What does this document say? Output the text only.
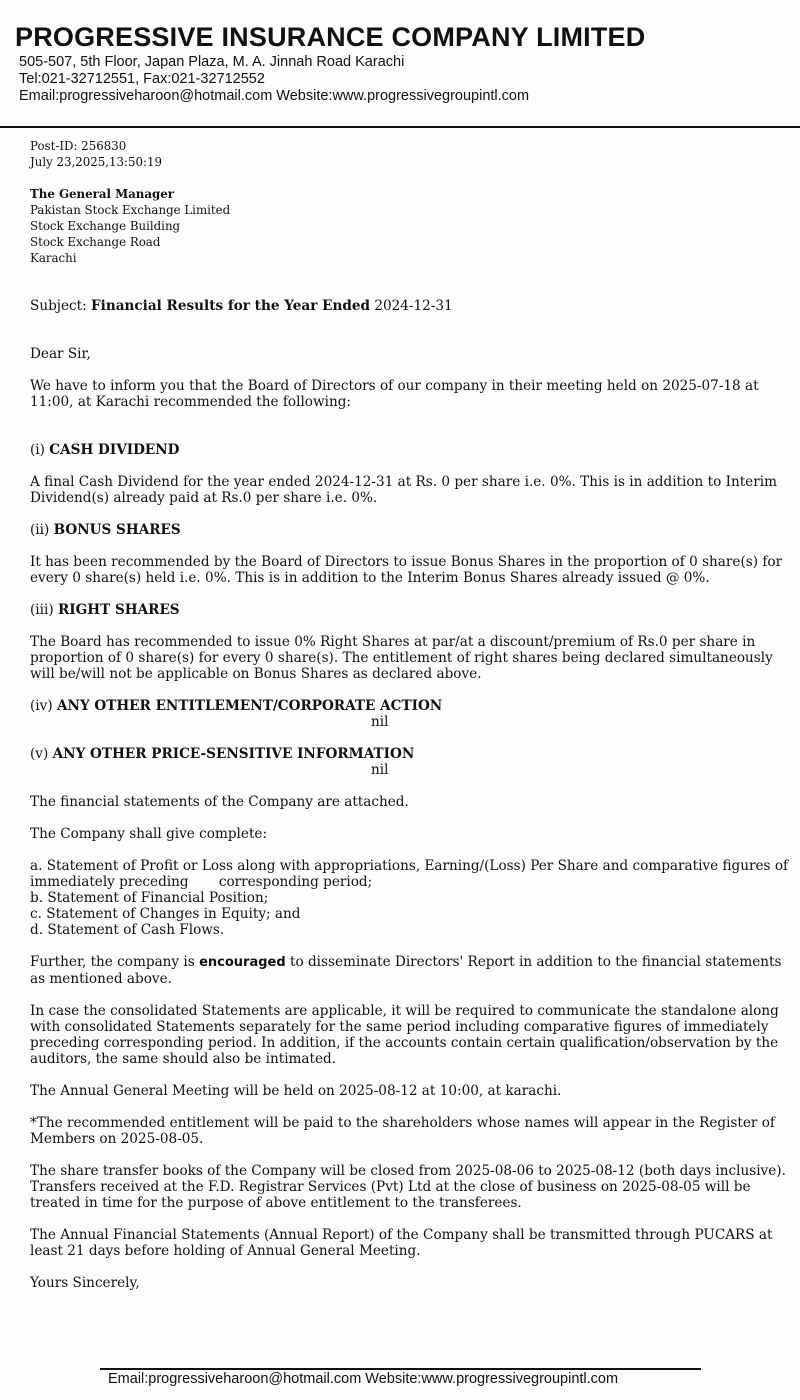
PROGRESSIVE INSURANCE COMPANY LIMITED
505-507, 5th Floor, Japan Plaza, M. A. Jinnah Road Karachi
Tel:021-32712551, Fax:021-32712552
Email:progressiveharoon@hotmail.com Website:www.progressivegroupintl.com
Post-ID: 256830
July 23,2025,13:50:19
The General Manager
Pakistan Stock Exchange Limited
Stock Exchange Building
Stock Exchange Road
Karachi
Subject: Financial Results for the Year Ended 2024-12-31
Dear Sir,
We have to inform you that the Board of Directors of our company in their meeting held on 2025-07-18 at 11:00, at Karachi recommended the following:
(i) CASH DIVIDEND
A final Cash Dividend for the year ended 2024-12-31 at Rs. 0 per share i.e. 0%. This is in addition to Interim Dividend(s) already paid at Rs.0 per share i.e. 0%.
(ii) BONUS SHARES
It has been recommended by the Board of Directors to issue Bonus Shares in the proportion of 0 share(s) for every 0 share(s) held i.e. 0%. This is in addition to the Interim Bonus Shares already issued @ 0%.
(iii) RIGHT SHARES
The Board has recommended to issue 0% Right Shares at par/at a discount/premium of Rs.0 per share in proportion of 0 share(s) for every 0 share(s). The entitlement of right shares being declared simultaneously will be/will not be applicable on Bonus Shares as declared above.
(iv) ANY OTHER ENTITLEMENT/CORPORATE ACTION
nil
(v) ANY OTHER PRICE-SENSITIVE INFORMATION
nil
The financial statements of the Company are attached.
The Company shall give complete:
a. Statement of Profit or Loss along with appropriations, Earning/(Loss) Per Share and comparative figures of immediately preceding       corresponding period;
b. Statement of Financial Position;
c. Statement of Changes in Equity; and
d. Statement of Cash Flows.
Further, the company is encouraged to disseminate Directors' Report in addition to the financial statements as mentioned above.
In case the consolidated Statements are applicable, it will be required to communicate the standalone along with consolidated Statements separately for the same period including comparative figures of immediately preceding corresponding period. In addition, if the accounts contain certain qualification/observation by the auditors, the same should also be intimated.
The Annual General Meeting will be held on 2025-08-12 at 10:00, at karachi.
*The recommended entitlement will be paid to the shareholders whose names will appear in the Register of Members on 2025-08-05.
The share transfer books of the Company will be closed from 2025-08-06 to 2025-08-12 (both days inclusive). Transfers received at the F.D. Registrar Services (Pvt) Ltd at the close of business on 2025-08-05 will be treated in time for the purpose of above entitlement to the transferees.
The Annual Financial Statements (Annual Report) of the Company shall be transmitted through PUCARS at least 21 days before holding of Annual General Meeting.
Yours Sincerely,
Email:progressiveharoon@hotmail.com Website:www.progressivegroupintl.com
